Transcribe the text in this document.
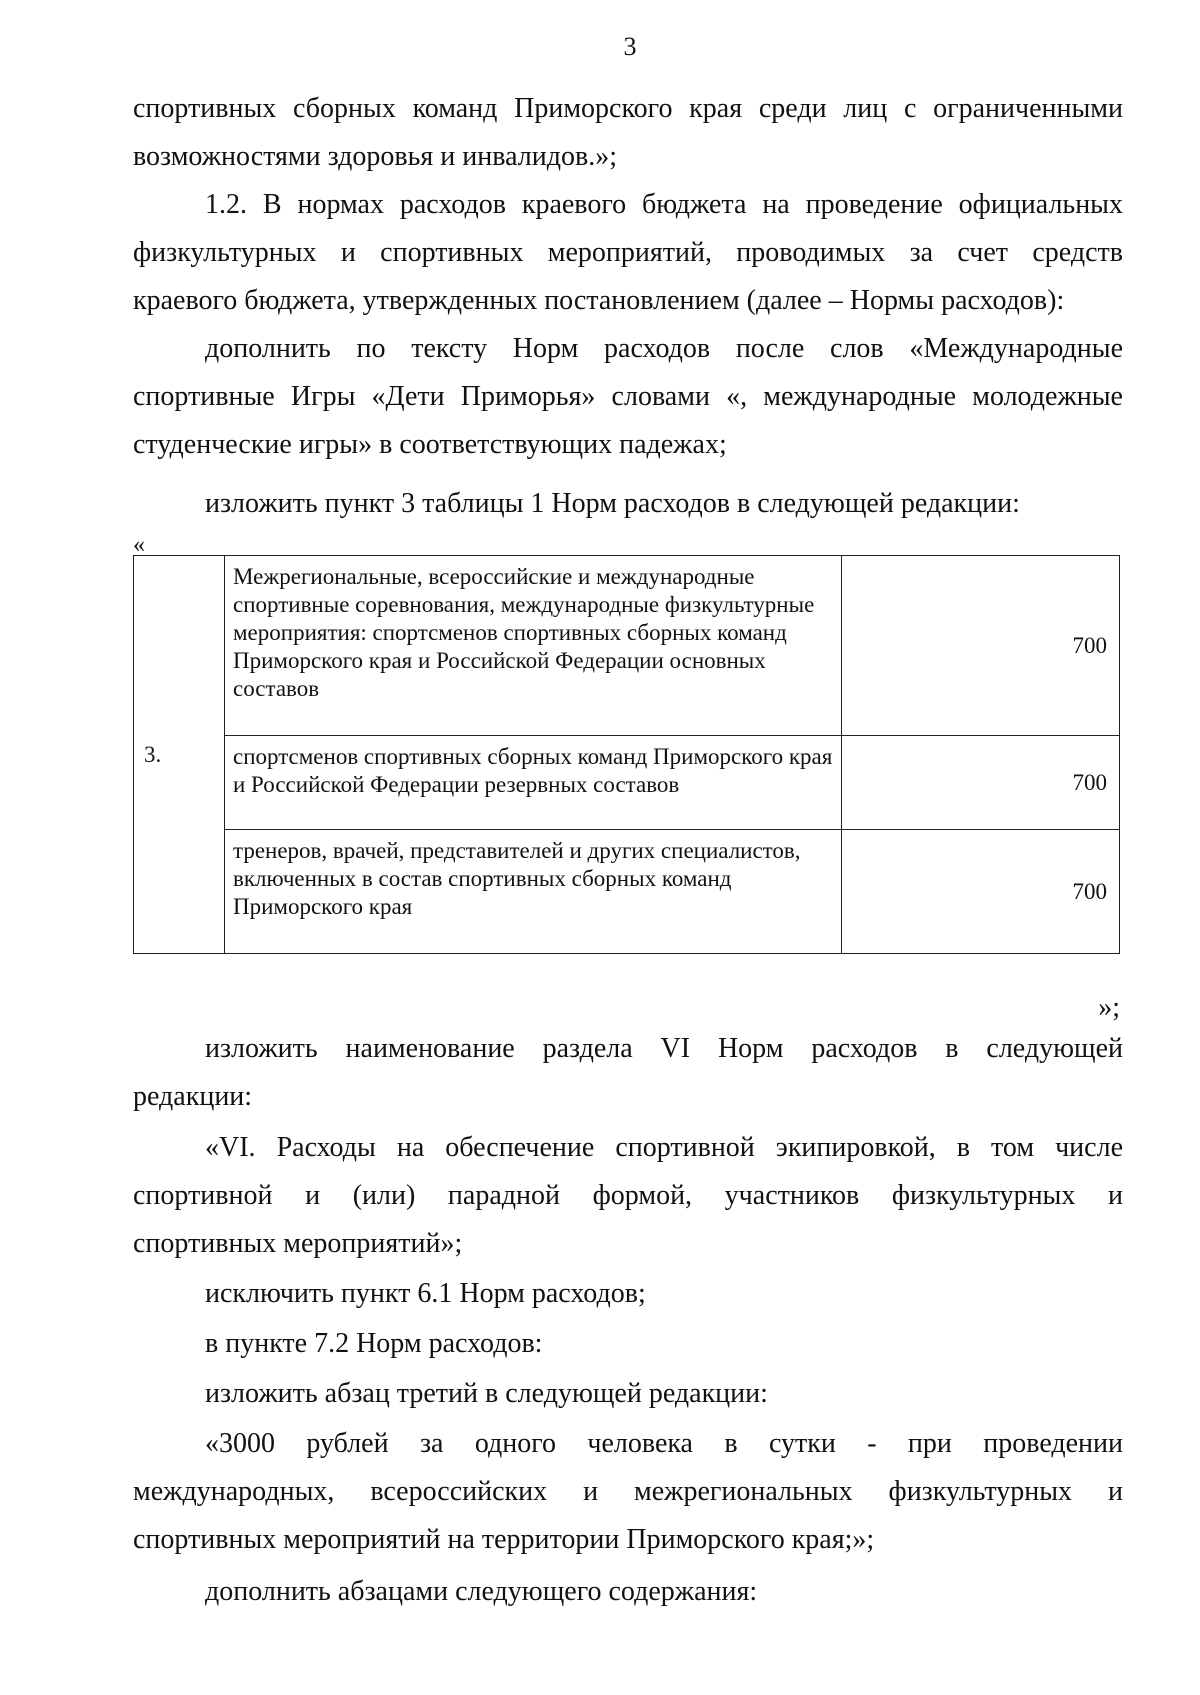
3

спортивных сборных команд Приморского края среди лиц с ограниченными

возможностями здоровья и инвалидов.»;

1.2. В нормах расходов краевого бюджета на проведение официальных

физкультурных и спортивных мероприятий, проводимых за счет средств

краевого бюджета, утвержденных постановлением (далее – Нормы расходов):

дополнить по тексту Норм расходов после слов «Международные

спортивные Игры «Дети Приморья» словами «, международные молодежные

студенческие игры» в соответствующих падежах;

изложить пункт 3 таблицы 1 Норм расходов в следующей редакции:

«
3.	Межрегиональные, всероссийские и международные спортивные соревнования, международные физкультурные мероприятия: спортсменов спортивных сборных команд Приморского края и Российской Федерации основных составов	700
	спортсменов спортивных сборных команд Приморского края и Российской Федерации резервных составов	700
	тренеров, врачей, представителей и других специалистов, включенных в состав спортивных сборных команд Приморского края	700
»;

изложить наименование раздела VI Норм расходов в следующей

редакции:

«VI. Расходы на обеспечение спортивной экипировкой, в том числе

спортивной и (или) парадной формой, участников физкультурных и

спортивных мероприятий»;

исключить пункт 6.1 Норм расходов;

в пункте 7.2 Норм расходов:

изложить абзац третий в следующей редакции:

«3000 рублей за одного человека в сутки - при проведении

международных, всероссийских и межрегиональных физкультурных и

спортивных мероприятий на территории Приморского края;»;

дополнить абзацами следующего содержания:
